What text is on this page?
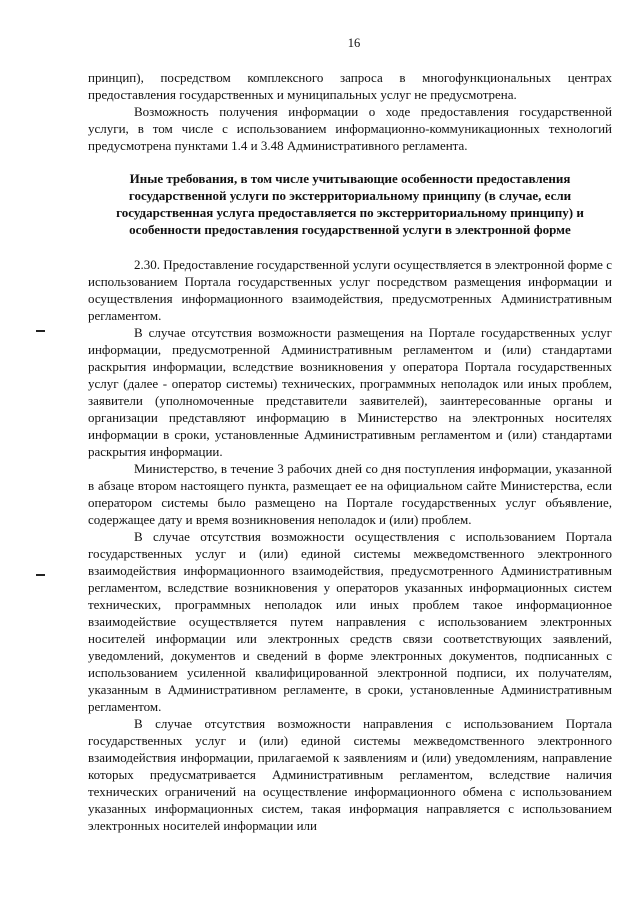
16

принцип), посредством комплексного запроса в многофункциональных центрах предоставления государственных и муниципальных услуг не предусмотрена.

Возможность получения информации о ходе предоставления государственной услуги, в том числе с использованием информационно-коммуникационных технологий предусмотрена пунктами 1.4 и 3.48 Административного регламента.

Иные требования, в том числе учитывающие особенности предоставления государственной услуги по экстерриториальному принципу (в случае, если государственная услуга предоставляется по экстерриториальному принципу) и особенности предоставления государственной услуги в электронной форме

2.30. Предоставление государственной услуги осуществляется в электронной форме с использованием Портала государственных услуг посредством размещения информации и осуществления информационного взаимодействия, предусмотренных Административным регламентом.

В случае отсутствия возможности размещения на Портале государственных услуг информации, предусмотренной Административным регламентом и (или) стандартами раскрытия информации, вследствие возникновения у оператора Портала государственных услуг (далее - оператор системы) технических, программных неполадок или иных проблем, заявители (уполномоченные представители заявителей), заинтересованные органы и организации представляют информацию в Министерство на электронных носителях информации в сроки, установленные Административным регламентом и (или) стандартами раскрытия информации.

Министерство, в течение 3 рабочих дней со дня поступления информации, указанной в абзаце втором настоящего пункта, размещает ее на официальном сайте Министерства, если оператором системы было размещено на Портале государственных услуг объявление, содержащее дату и время возникновения неполадок и (или) проблем.

В случае отсутствия возможности осуществления с использованием Портала государственных услуг и (или) единой системы межведомственного электронного взаимодействия информационного взаимодействия, предусмотренного Административным регламентом, вследствие возникновения у операторов указанных информационных систем технических, программных неполадок или иных проблем такое информационное взаимодействие осуществляется путем направления с использованием электронных носителей информации или электронных средств связи соответствующих заявлений, уведомлений, документов и сведений в форме электронных документов, подписанных с использованием усиленной квалифицированной электронной подписи, их получателям, указанным в Административном регламенте, в сроки, установленные Административным регламентом.

В случае отсутствия возможности направления с использованием Портала государственных услуг и (или) единой системы межведомственного электронного взаимодействия информации, прилагаемой к заявлениям и (или) уведомлениям, направление которых предусматривается Административным регламентом, вследствие наличия технических ограничений на осуществление информационного обмена с использованием указанных информационных систем, такая информация направляется с использованием электронных носителей информации или
